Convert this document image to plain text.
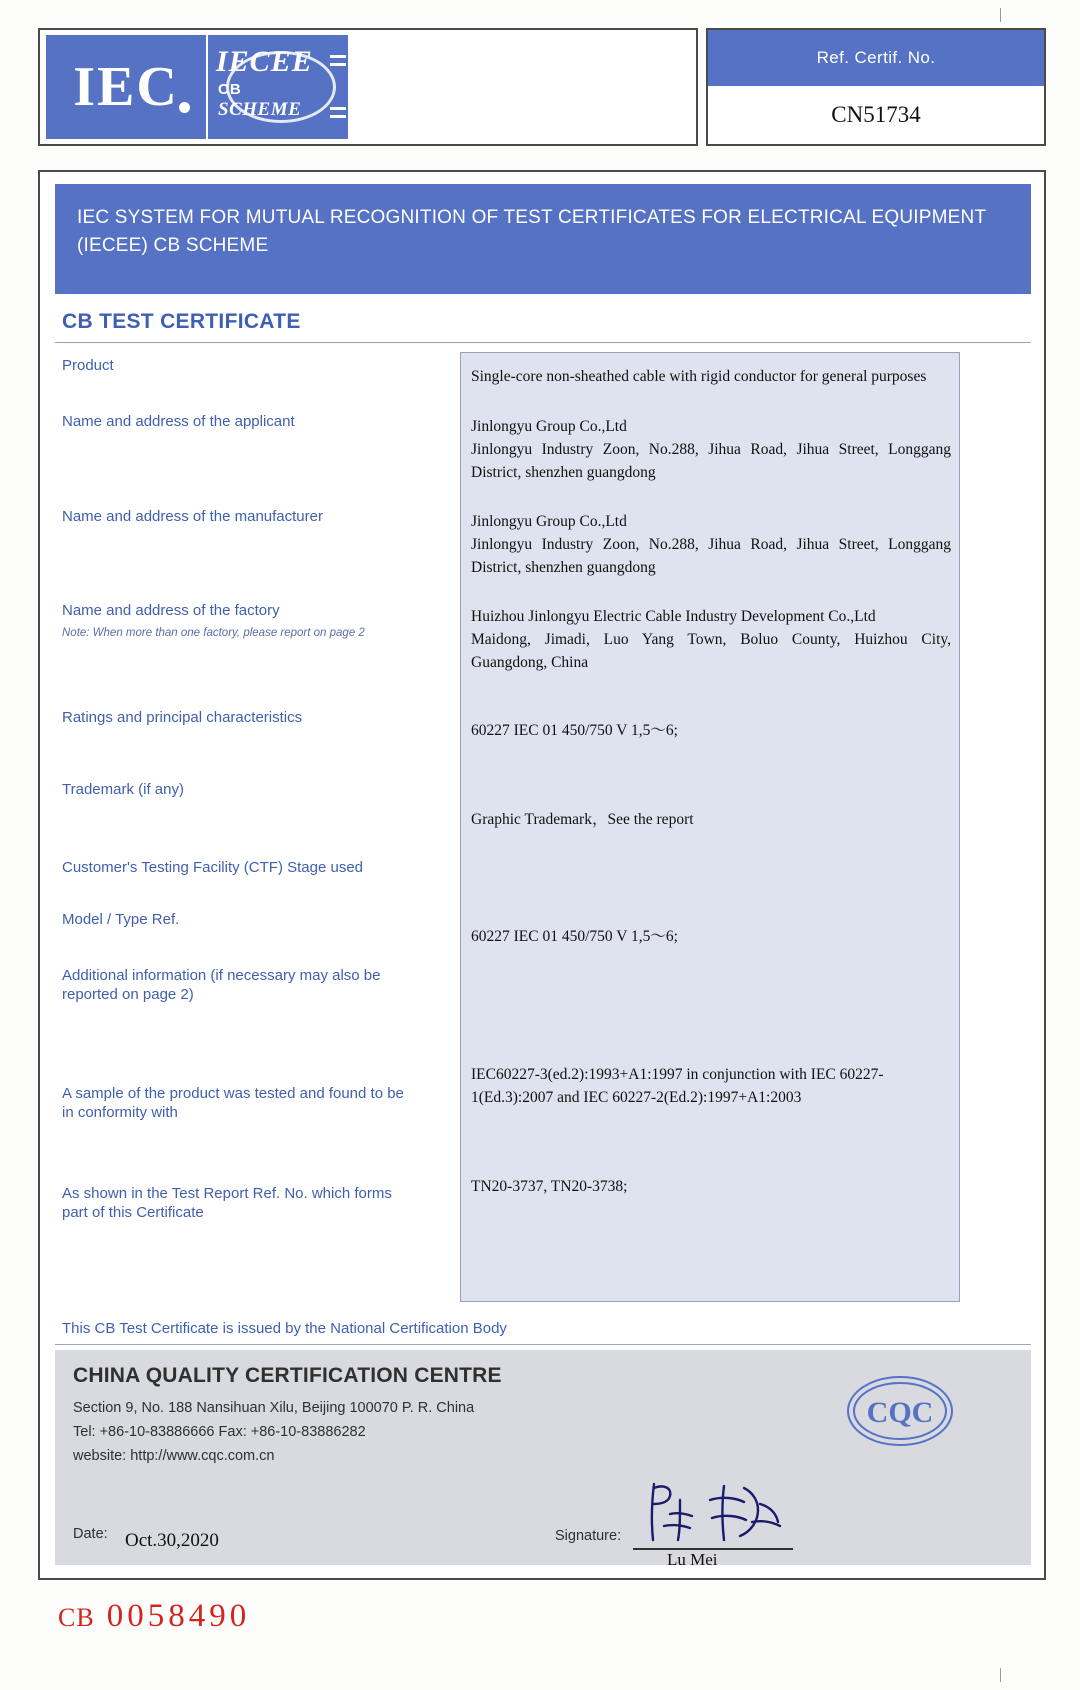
IEC IECEE
CB
SCHEME
Ref. Certif. No.
CN51734
IEC SYSTEM FOR MUTUAL RECOGNITION OF TEST CERTIFICATES FOR ELECTRICAL EQUIPMENT (IECEE) CB SCHEME
CB TEST CERTIFICATE
Product
Name and address of the applicant
Name and address of the manufacturer
Name and address of the factory
Note: When more than one factory, please report on page 2
Ratings and principal characteristics
Trademark (if any)
Customer's Testing Facility (CTF) Stage used
Model / Type Ref.
Additional information (if necessary may also be reported on page 2)
A sample of the product was tested and found to be in conformity with
As shown in the Test Report Ref. No. which forms part of this Certificate
Single-core non-sheathed cable with rigid conductor for general purposes
Jinlongyu Group Co.,Ltd
Jinlongyu Industry Zoon, No.288, Jihua Road, Jihua Street, Longgang District, shenzhen guangdong
Jinlongyu Group Co.,Ltd
Jinlongyu Industry Zoon, No.288, Jihua Road, Jihua Street, Longgang District, shenzhen guangdong
Huizhou Jinlongyu Electric Cable Industry Development Co.,Ltd
Maidong, Jimadi, Luo Yang Town, Boluo County, Huizhou City, Guangdong, China
60227 IEC 01 450/750 V 1,5～6;
Graphic Trademark，See the report
60227 IEC 01 450/750 V 1,5～6;
IEC60227-3(ed.2):1993+A1:1997 in conjunction with IEC 60227-1(Ed.3):2007 and IEC 60227-2(Ed.2):1997+A1:2003
TN20-3737, TN20-3738;
This CB Test Certificate is issued by the National Certification Body
CHINA QUALITY CERTIFICATION CENTRE
Section 9, No. 188 Nansihuan Xilu, Beijing 100070 P. R. China
Tel: +86-10-83886666 Fax: +86-10-83886282
website: http://www.cqc.com.cn
Date: Oct.30,2020	Signature:
Lu Mei
CQC
CB 0058490
